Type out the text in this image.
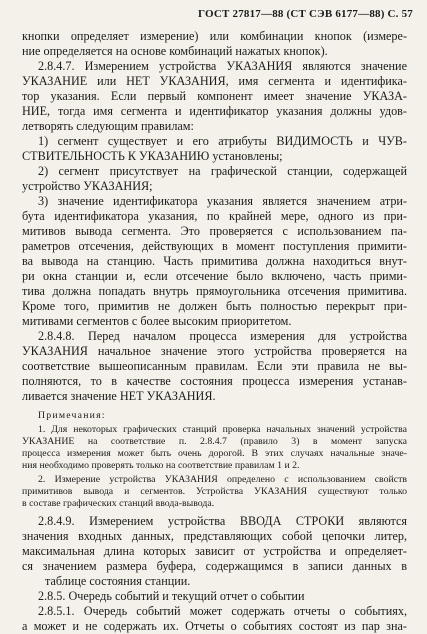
ГОСТ 27817—88 (СТ СЭВ 6177—88) С. 57
кнопки определяет измерение) или комбинации кнопок (измере-
ние определяется на основе комбинаций нажатых кнопок).
2.8.4.7. Измерением устройства УКАЗАНИЯ являются значение
УКАЗАНИЕ или НЕТ УКАЗАНИЯ, имя сегмента и идентифика-
тор указания. Если первый компонент имеет значение УКАЗА-
НИЕ, тогда имя сегмента и идентификатор указания должны удов-
летворять следующим правилам:
1) сегмент существует и его атрибуты ВИДИМОСТЬ и ЧУВ-
СТВИТЕЛЬНОСТЬ К УКАЗАНИЮ установлены;
2) сегмент присутствует на графической станции, содержащей
устройство УКАЗАНИЯ;
3) значение идентификатора указания является значением атри-
бута идентификатора указания, по крайней мере, одного из при-
митивов вывода сегмента. Это проверяется с использованием па-
раметров отсечения, действующих в момент поступления примити-
ва вывода на станцию. Часть примитива должна находиться внут-
ри окна станции и, если отсечение было включено, часть прими-
тива должна попадать внутрь прямоугольника отсечения примитива.
Кроме того, примитив не должен быть полностью перекрыт при-
митивами сегментов с более высоким приоритетом.
2.8.4.8. Перед началом процесса измерения для устройства
УКАЗАНИЯ начальное значение этого устройства проверяется на
соответствие вышеописанным правилам. Если эти правила не вы-
полняются, то в качестве состояния процесса измерения устанав-
ливается значение НЕТ УКАЗАНИЯ.
Примечания:
1. Для некоторых графических станций проверка начальных значений устройства
УКАЗАНИЕ на соответствие п. 2.8.4.7 (правило 3) в момент запуска
процесса измерения может быть очень дорогой. В этих случаях начальные значе-
ния необходимо проверять только на соответствие правилам 1 и 2.
2. Измерение устройства УКАЗАНИЯ определено с использованием свойств
примитивов вывода и сегментов. Устройства УКАЗАНИЯ существуют только
в составе графических станций ввода-вывода.
2.8.4.9. Измерением устройства ВВОДА СТРОКИ являются
значения входных данных, представляющих собой цепочки литер,
максимальная длина которых зависит от устройства и определяет-
ся значением размера буфера, содержащимся в записи данных в
таблице состояния станции.
2.8.5. Очередь событий и текущий отчет о событии
2.8.5.1. Очередь событий может содержать отчеты о событиях,
а может и не содержать их. Отчеты о событиях состоят из пар зна-
